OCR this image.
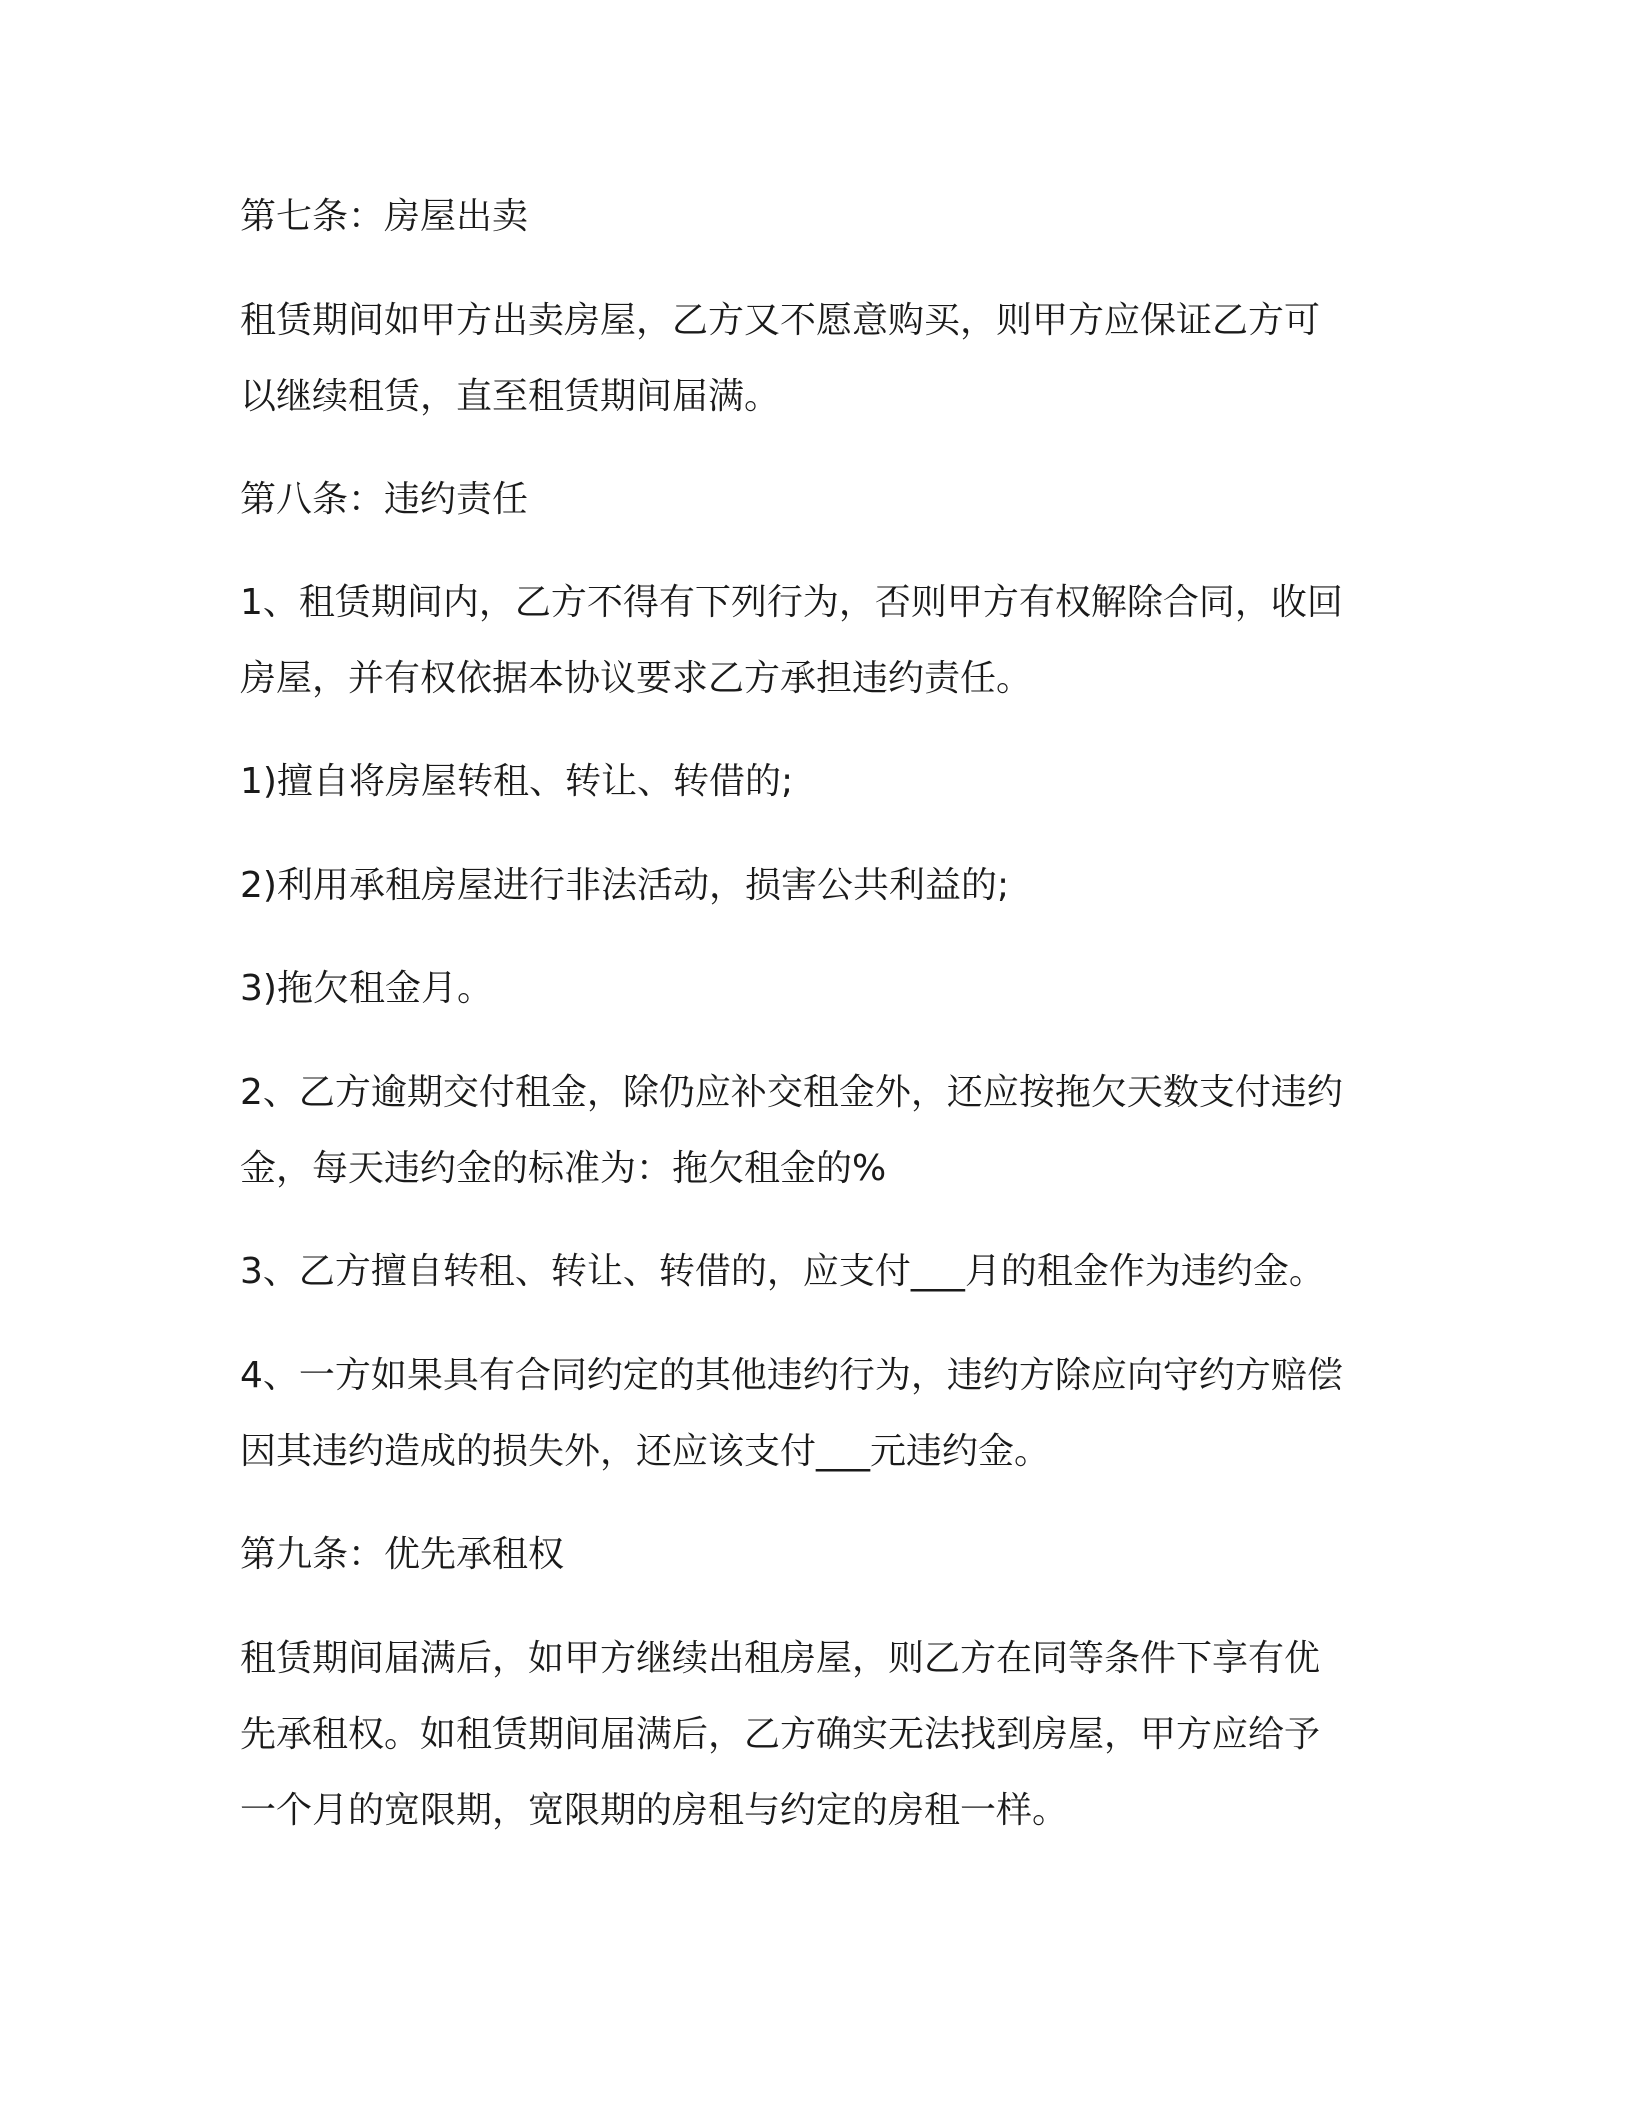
第七条：房屋出卖
租赁期间如甲方出卖房屋，乙方又不愿意购买，则甲方应保证乙方可
以继续租赁，直至租赁期间届满。
第八条：违约责任
1、租赁期间内，乙方不得有下列行为，否则甲方有权解除合同，收回
房屋，并有权依据本协议要求乙方承担违约责任。
1)擅自将房屋转租、转让、转借的;
2)利用承租房屋进行非法活动，损害公共利益的;
3)拖欠租金月。
2、乙方逾期交付租金，除仍应补交租金外，还应按拖欠天数支付违约
金，每天违约金的标准为：拖欠租金的%
3、乙方擅自转租、转让、转借的，应支付___月的租金作为违约金。
4、一方如果具有合同约定的其他违约行为，违约方除应向守约方赔偿
因其违约造成的损失外，还应该支付___元违约金。
第九条：优先承租权
租赁期间届满后，如甲方继续出租房屋，则乙方在同等条件下享有优
先承租权。如租赁期间届满后，乙方确实无法找到房屋，甲方应给予
一个月的宽限期，宽限期的房租与约定的房租一样。
